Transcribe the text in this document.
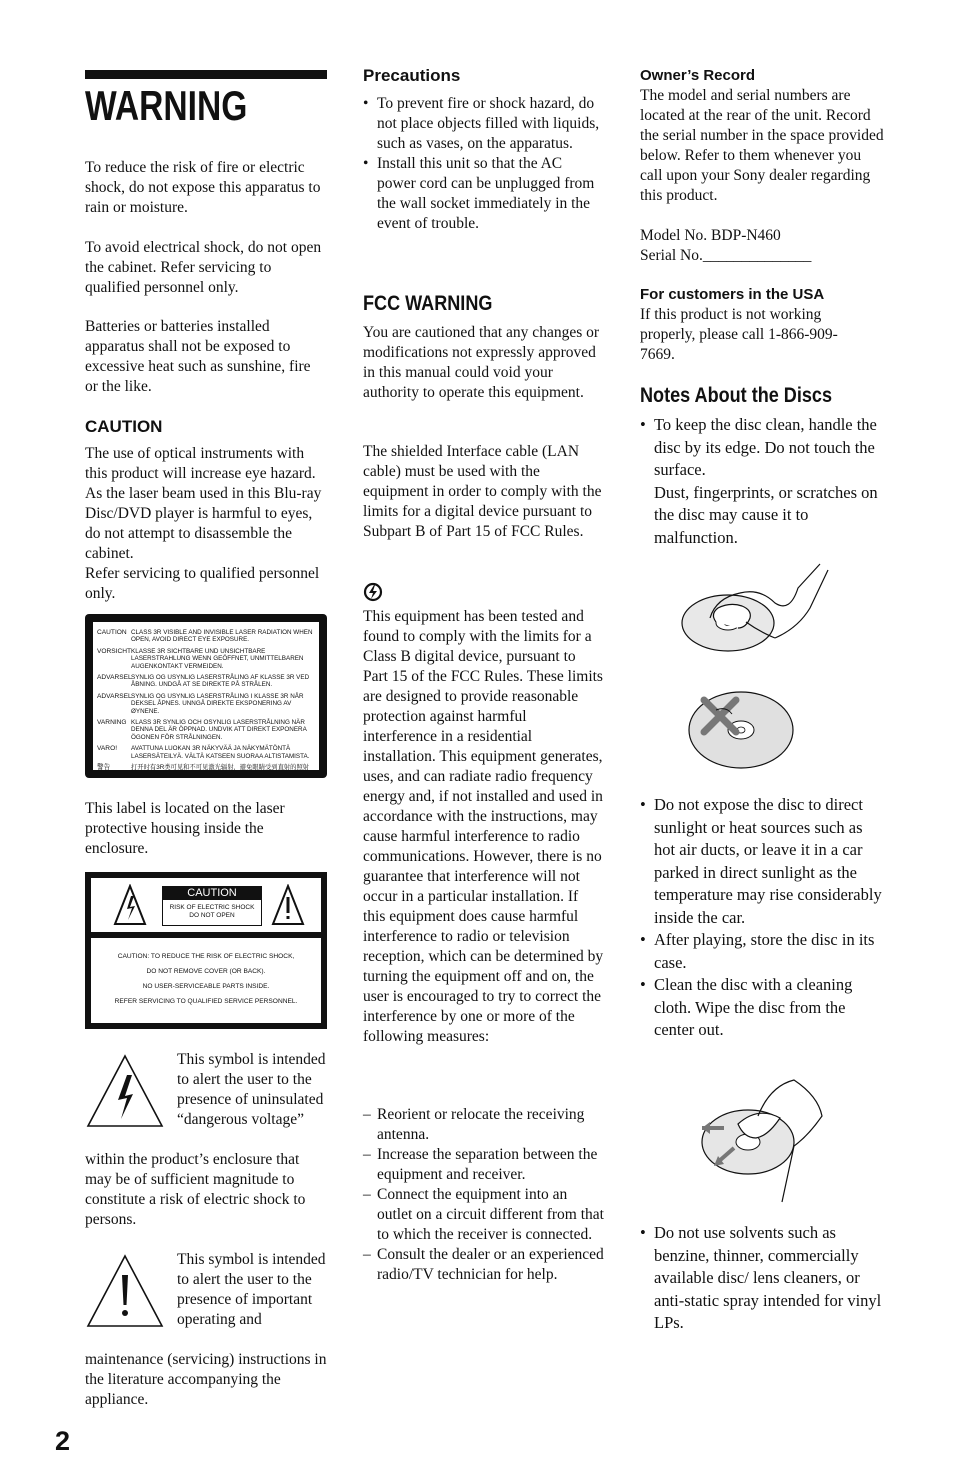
WARNING

To reduce the risk of fire or electric shock, do not expose this apparatus to rain or moisture.

To avoid electrical shock, do not open the cabinet. Refer servicing to qualified personnel only.

Batteries or batteries installed apparatus shall not be exposed to excessive heat such as sunshine, fire or the like.

CAUTION

The use of optical instruments with this product will increase eye hazard. As the laser beam used in this Blu-ray Disc/DVD player is harmful to eyes, do not attempt to disassemble the cabinet.
Refer servicing to qualified personnel only.

CAUTION CLASS 3R VISIBLE AND INVISIBLE LASER RADIATION WHEN OPEN, AVOID DIRECT EYE EXPOSURE.
VORSICHT KLASSE 3R SICHTBARE UND UNSICHTBARE LASERSTRAHLUNG WENN GEÖFFNET, UNMITTELBAREN AUGENKONTAKT VERMEIDEN.
ADVARSEL SYNLIG OG USYNLIG LASERSTRÅLING AF KLASSE 3R VED ÅBNING. UNDGÅ AT SE DIREKTE PÅ STRÅLEN.
ADVARSEL SYNLIG OG USYNLIG LASERSTRÅLING I KLASSE 3R NÅR DEKSEL ÅPNES. UNNGÅ DIREKTE EKSPONERING AV ØYNENE.
VARNING KLASS 3R SYNLIG OCH OSYNLIG LASERSTRÅLNING NÄR DENNA DEL ÄR ÖPPNAD. UNDVIK ATT DIREKT EXPONERA ÖGONEN FÖR STRÅLNINGEN.
VARO!	AVATTUNA LUOKAN 3R NÄKYVÄÄ JA NÄKYMÄTÖNTÄ LASERSÄTEILYÄ. VÄLTÄ KATSEEN SUORAA ALTISTAMISTA.
警告	打开时有3R类可见和不可见激光辐射，避免眼睛受到直射的照射

This label is located on the laser protective housing inside the enclosure.

CAUTION
RISK OF ELECTRIC SHOCK
DO NOT OPEN
CAUTION: TO REDUCE THE RISK OF ELECTRIC SHOCK,
DO NOT REMOVE COVER (OR BACK).
NO USER-SERVICEABLE PARTS INSIDE.
REFER SERVICING TO QUALIFIED SERVICE PERSONNEL.

This symbol is intended to alert the user to the presence of uninsulated “dangerous voltage”

within the product’s enclosure that may be of sufficient magnitude to constitute a risk of electric shock to persons.

This symbol is intended to alert the user to the presence of important operating and

maintenance (servicing) instructions in the literature accompanying the appliance.

Precautions
• To prevent fire or shock hazard, do not place objects filled with liquids, such as vases, on the apparatus.
• Install this unit so that the AC power cord can be unplugged from the wall socket immediately in the event of trouble.
FCC WARNING

You are cautioned that any changes or modifications not expressly approved in this manual could void your authority to operate this equipment.

The shielded Interface cable (LAN cable) must be used with the equipment in order to comply with the limits for a digital device pursuant to Subpart B of Part 15 of FCC Rules.

This equipment has been tested and found to comply with the limits for a Class B digital device, pursuant to Part 15 of the FCC Rules. These limits are designed to provide reasonable protection against harmful interference in a residential installation. This equipment generates, uses, and can radiate radio frequency energy and, if not installed and used in accordance with the instructions, may cause harmful interference to radio communications. However, there is no guarantee that interference will not occur in a particular installation. If this equipment does cause harmful interference to radio or television reception, which can be determined by turning the equipment off and on, the user is encouraged to try to correct the interference by one or more of the following measures:

– Reorient or relocate the receiving antenna.
– Increase the separation between the equipment and receiver.
– Connect the equipment into an outlet on a circuit different from that to which the receiver is connected.
– Consult the dealer or an experienced radio/TV technician for help.
Owner’s Record

The model and serial numbers are located at the rear of the unit. Record the serial number in the space provided below. Refer to them whenever you call upon your Sony dealer regarding this product.

Model No. BDP-N460

Serial No.______________

For customers in the USA

If this product is not working properly, please call 1-866-909-7669.

Notes About the Discs
• To keep the disc clean, handle the disc by its edge. Do not touch the surface.
Dust, fingerprints, or scratches on the disc may cause it to malfunction.
• Do not expose the disc to direct sunlight or heat sources such as hot air ducts, or leave it in a car parked in direct sunlight as the temperature may rise considerably inside the car.
• After playing, store the disc in its case.
• Clean the disc with a cleaning cloth. Wipe the disc from the center out.
• Do not use solvents such as benzine, thinner, commercially available disc/ lens cleaners, or anti-static spray intended for vinyl LPs.
2
